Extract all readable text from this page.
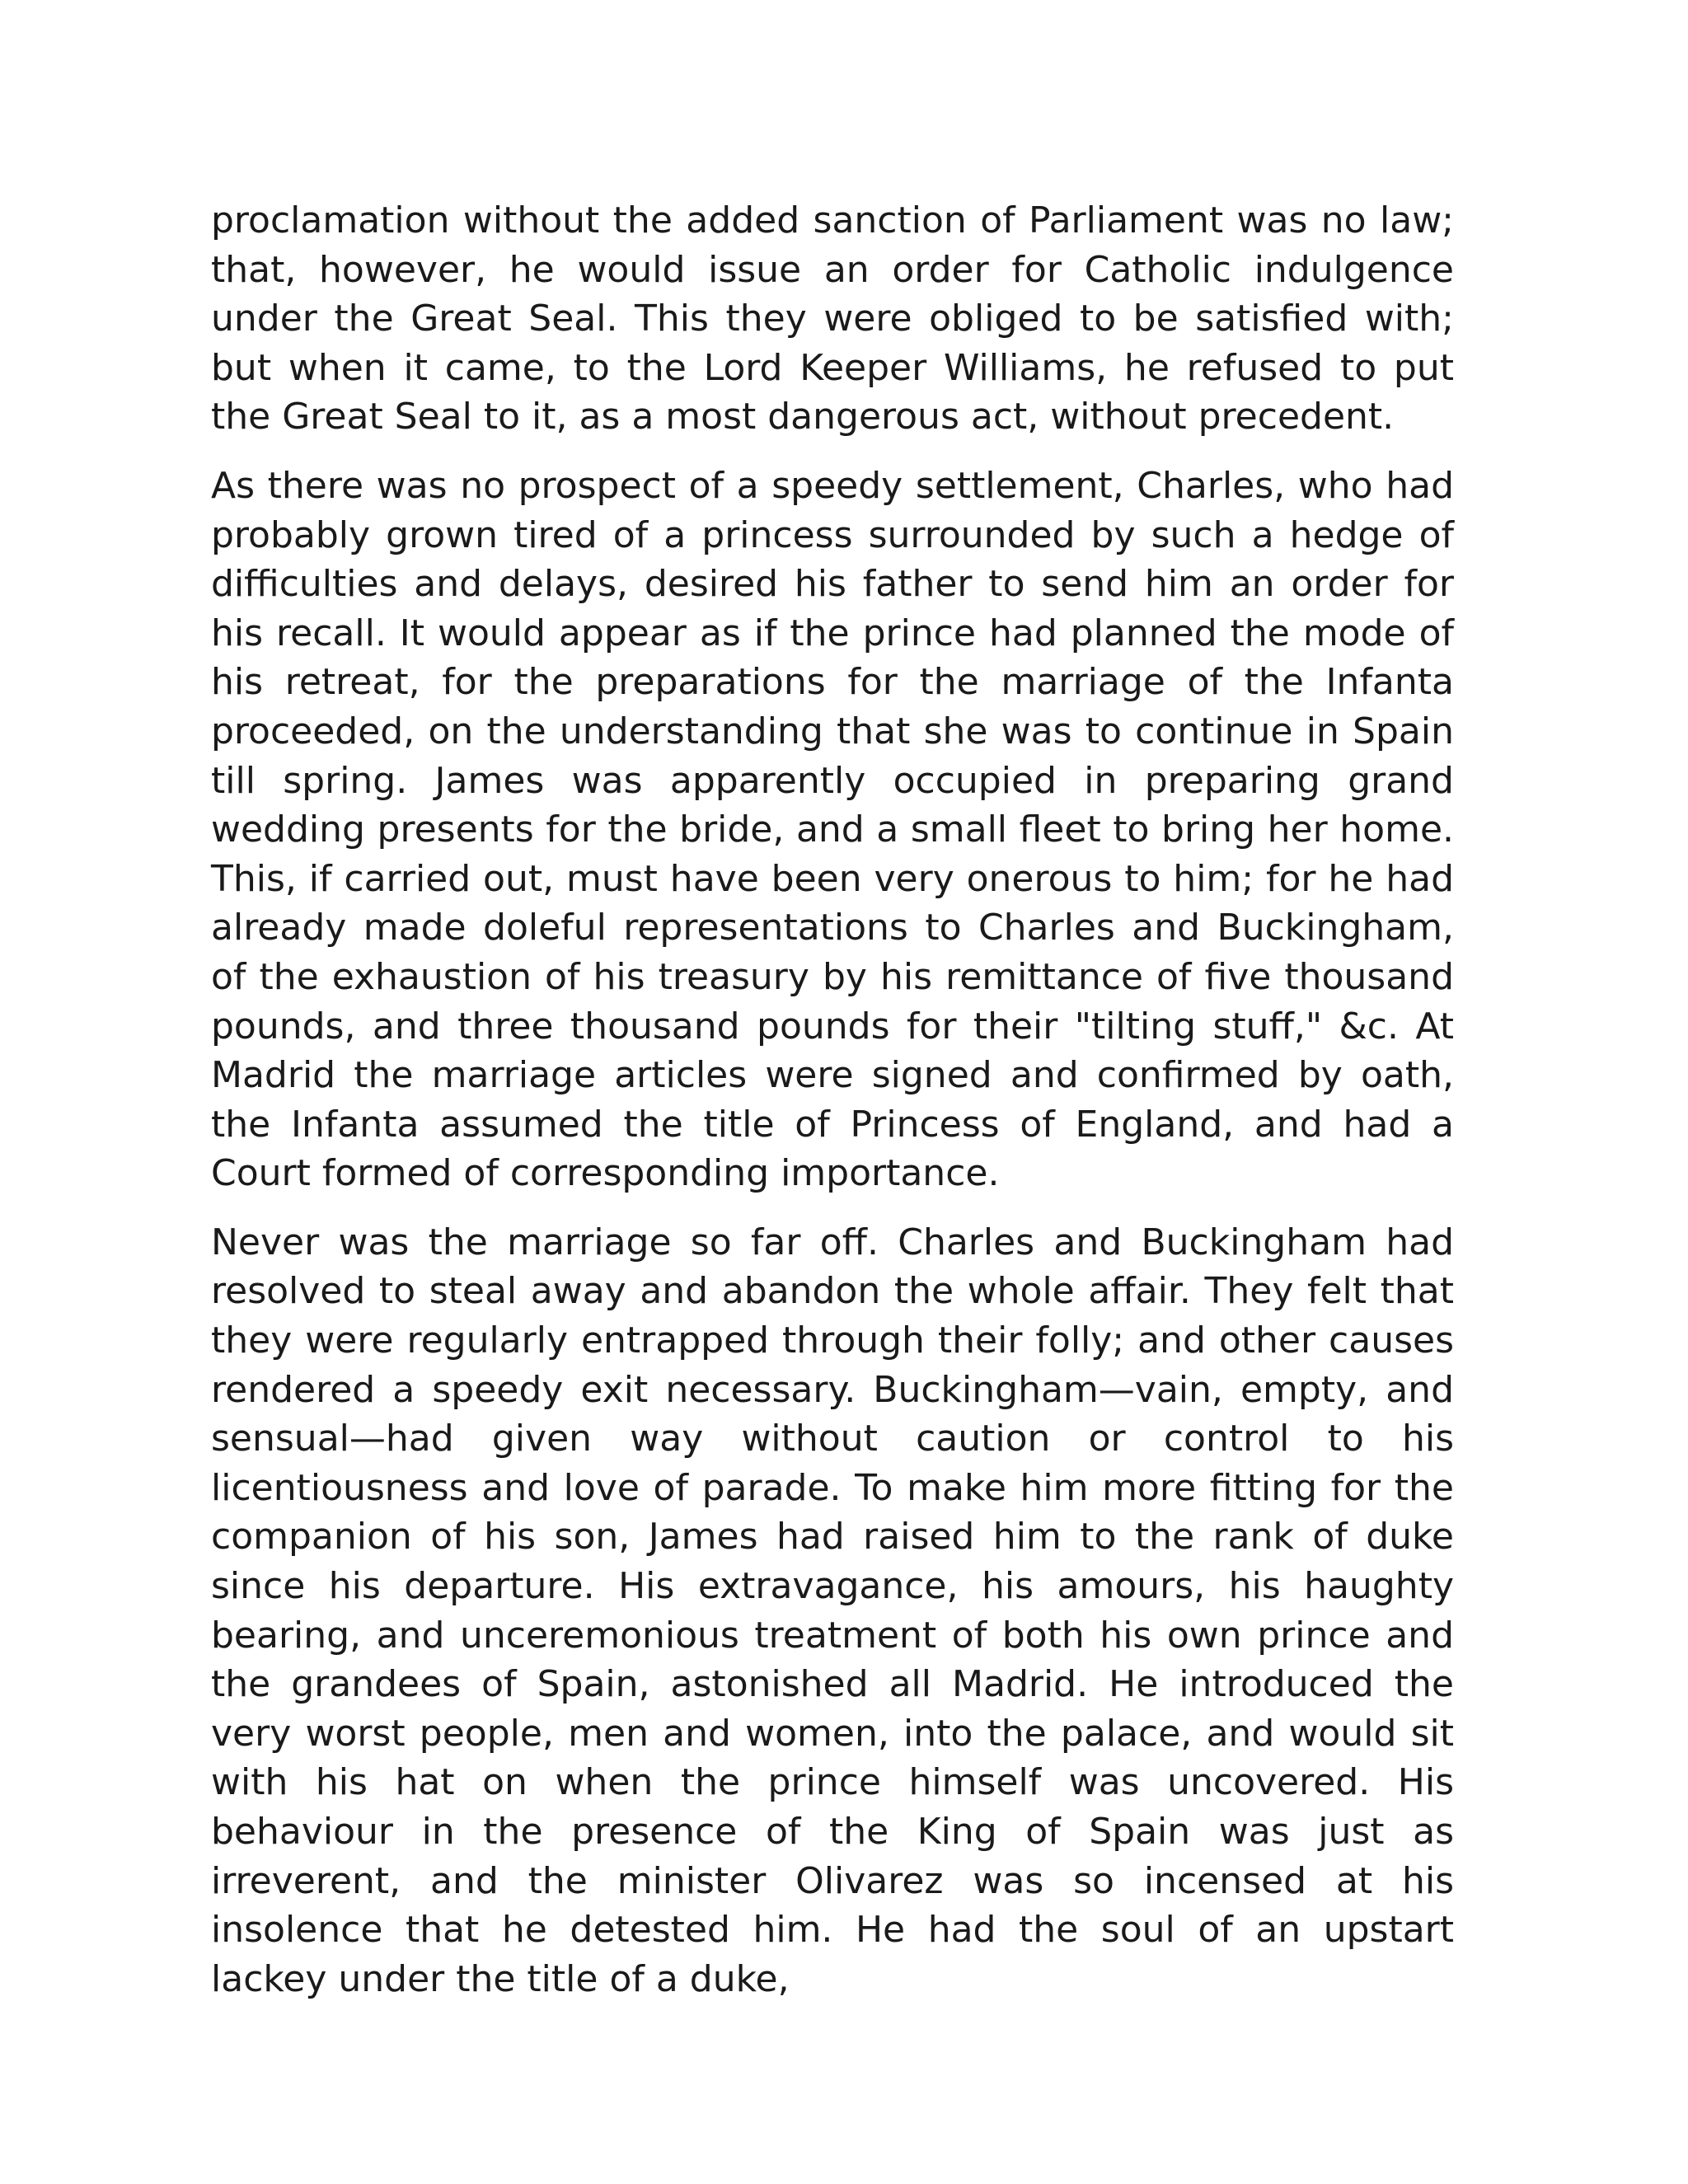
proclamation without the added sanction of Parliament was no law; that, however, he would issue an order for Catholic indulgence under the Great Seal. This they were obliged to be satisfied with; but when it came, to the Lord Keeper Williams, he refused to put the Great Seal to it, as a most dangerous act, without precedent.

As there was no prospect of a speedy settlement, Charles, who had probably grown tired of a princess surrounded by such a hedge of difficulties and delays, desired his father to send him an order for his recall. It would appear as if the prince had planned the mode of his retreat, for the preparations for the marriage of the Infanta proceeded, on the understanding that she was to continue in Spain till spring. James was apparently occupied in preparing grand wedding presents for the bride, and a small fleet to bring her home. This, if carried out, must have been very onerous to him; for he had already made doleful representations to Charles and Buckingham, of the exhaustion of his treasury by his remittance of five thousand pounds, and three thousand pounds for their "tilting stuff," &c. At Madrid the marriage articles were signed and confirmed by oath, the Infanta assumed the title of Princess of England, and had a Court formed of corresponding importance.

Never was the marriage so far off. Charles and Buckingham had resolved to steal away and abandon the whole affair. They felt that they were regularly entrapped through their folly; and other causes rendered a speedy exit necessary. Buckingham—vain, empty, and sensual—had given way without caution or control to his licentiousness and love of parade. To make him more fitting for the companion of his son, James had raised him to the rank of duke since his departure. His extravagance, his amours, his haughty bearing, and unceremonious treatment of both his own prince and the grandees of Spain, astonished all Madrid. He introduced the very worst people, men and women, into the palace, and would sit with his hat on when the prince himself was uncovered. His behaviour in the presence of the King of Spain was just as irreverent, and the minister Olivarez was so incensed at his insolence that he detested him. He had the soul of an upstart lackey under the title of a duke,
